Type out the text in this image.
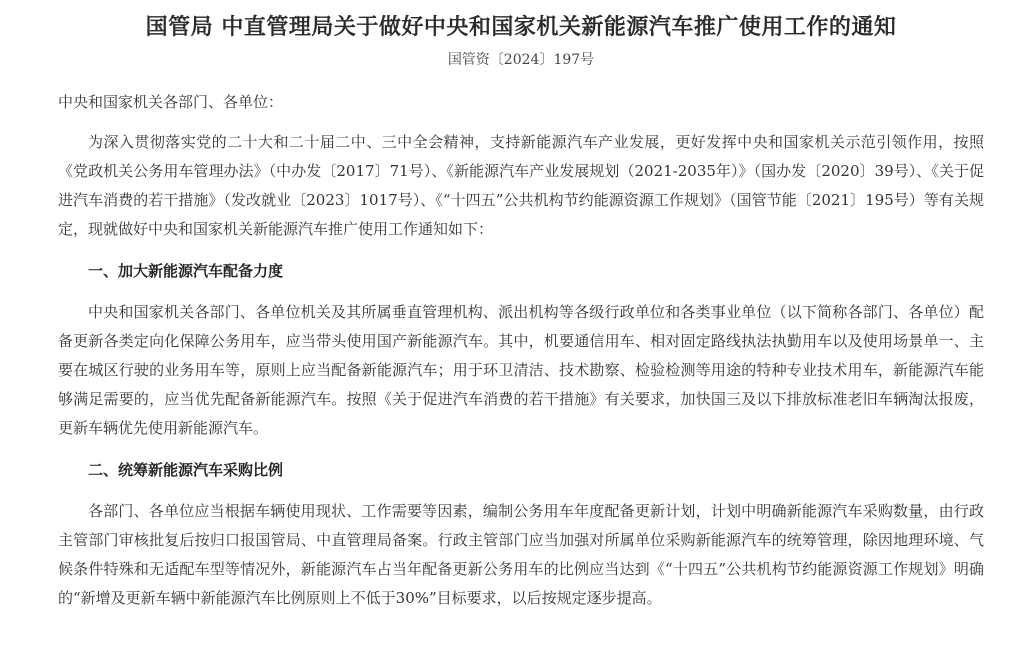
国管局 中直管理局关于做好中央和国家机关新能源汽车推广使用工作的通知
国管资〔2024〕197号

中央和国家机关各部门、各单位：

为深入贯彻落实党的二十大和二十届二中、三中全会精神，支持新能源汽车产业发展，更好发挥中央和国家机关示范引领作用，按照《党政机关公务用车管理办法》（中办发〔2017〕71号）、《新能源汽车产业发展规划（2021-2035年）》（国办发〔2020〕39号）、《关于促进汽车消费的若干措施》（发改就业〔2023〕1017号）、《“十四五”公共机构节约能源资源工作规划》（国管节能〔2021〕195号）等有关规定，现就做好中央和国家机关新能源汽车推广使用工作通知如下：

一、加大新能源汽车配备力度

中央和国家机关各部门、各单位机关及其所属垂直管理机构、派出机构等各级行政单位和各类事业单位（以下简称各部门、各单位）配备更新各类定向化保障公务用车，应当带头使用国产新能源汽车。其中，机要通信用车、相对固定路线执法执勤用车以及使用场景单一、主要在城区行驶的业务用车等，原则上应当配备新能源汽车；用于环卫清洁、技术勘察、检验检测等用途的特种专业技术用车，新能源汽车能够满足需要的，应当优先配备新能源汽车。按照《关于促进汽车消费的若干措施》有关要求，加快国三及以下排放标准老旧车辆淘汰报废，更新车辆优先使用新能源汽车。

二、统筹新能源汽车采购比例

各部门、各单位应当根据车辆使用现状、工作需要等因素，编制公务用车年度配备更新计划，计划中明确新能源汽车采购数量，由行政主管部门审核批复后按归口报国管局、中直管理局备案。行政主管部门应当加强对所属单位采购新能源汽车的统筹管理，除因地理环境、气候条件特殊和无适配车型等情况外，新能源汽车占当年配备更新公务用车的比例应当达到《“十四五”公共机构节约能源资源工作规划》明确的“新增及更新车辆中新能源汽车比例原则上不低于30%”目标要求，以后按规定逐步提高。
